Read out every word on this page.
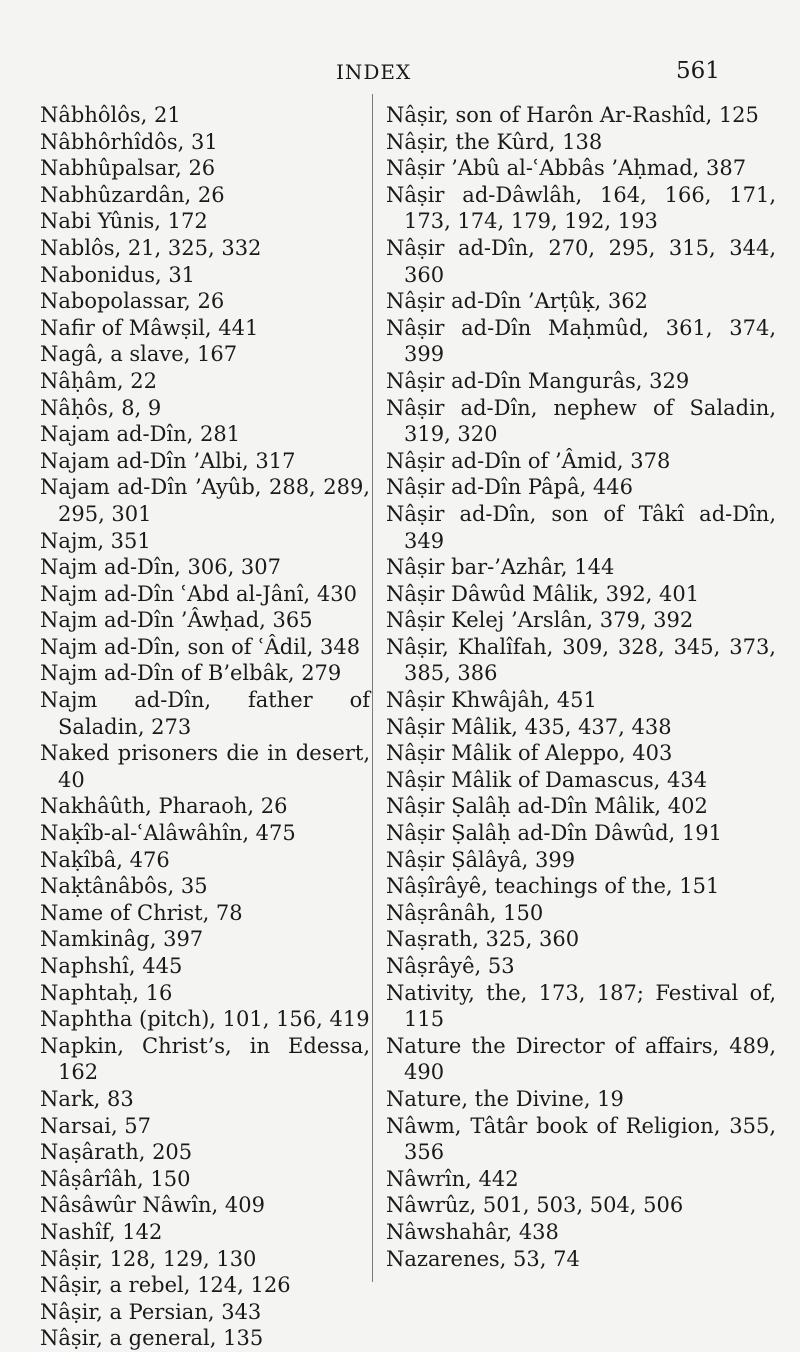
INDEX	561
Nâbhôlôs, 21
Nâbhôrhîdôs, 31
Nabhûpalsar, 26
Nabhûzardân, 26
Nabi Yûnis, 172
Nablôs, 21, 325, 332
Nabonidus, 31
Nabopolassar, 26
Nafir of Mâwṣil, 441
Nagâ, a slave, 167
Nâḥâm, 22
Nâḥôs, 8, 9
Najam ad-Dîn, 281
Najam ad-Dîn ’Albi, 317
Najam ad-Dîn ’Ayûb, 288, 289, 295, 301
Najm, 351
Najm ad-Dîn, 306, 307
Najm ad-Dîn ʿAbd al-Jânî, 430
Najm ad-Dîn ’Âwḥad, 365
Najm ad-Dîn, son of ʿÂdil, 348
Najm ad-Dîn of B’elbâk, 279
Najm ad-Dîn, father of Saladin, 273
Naked prisoners die in desert, 40
Nakhâûth, Pharaoh, 26
Naḳîb-al-ʿAlâwâhîn, 475
Naḳîbâ, 476
Naḳtânâbôs, 35
Name of Christ, 78
Namkinâg, 397
Naphshî, 445
Naphtaḥ, 16
Naphtha (pitch), 101, 156, 419
Napkin, Christ’s, in Edessa, 162
Nark, 83
Narsai, 57
Naṣârath, 205
Nâṣârîâh, 150
Nâsâwûr Nâwîn, 409
Nashîf, 142
Nâṣir, 128, 129, 130
Nâṣir, a rebel, 124, 126
Nâṣir, a Persian, 343
Nâṣir, a general, 135
Nâṣir, son of Harôn Ar-Rashîd, 125
Nâṣir, the Kûrd, 138
Nâṣir ’Abû al-ʿAbbâs ’Aḥmad, 387
Nâṣir ad-Dâwlâh, 164, 166, 171, 173, 174, 179, 192, 193
Nâṣir ad-Dîn, 270, 295, 315, 344, 360
Nâṣir ad-Dîn ’Arṭûḳ, 362
Nâṣir ad-Dîn Maḥmûd, 361, 374, 399
Nâṣir ad-Dîn Mangurâs, 329
Nâṣir ad-Dîn, nephew of Saladin, 319, 320
Nâṣir ad-Dîn of ’Âmid, 378
Nâṣir ad-Dîn Pâpâ, 446
Nâṣir ad-Dîn, son of Tâkî ad-Dîn, 349
Nâṣir bar-’Azhâr, 144
Nâṣir Dâwûd Mâlik, 392, 401
Nâṣir Kelej ’Arslân, 379, 392
Nâṣir, Khalîfah, 309, 328, 345, 373, 385, 386
Nâṣir Khwâjâh, 451
Nâṣir Mâlik, 435, 437, 438
Nâṣir Mâlik of Aleppo, 403
Nâṣir Mâlik of Damascus, 434
Nâṣir Ṣalâḥ ad-Dîn Mâlik, 402
Nâṣir Ṣalâḥ ad-Dîn Dâwûd, 191
Nâṣir Ṣâlâyâ, 399
Nâṣîrâyê, teachings of the, 151
Nâṣrânâh, 150
Naṣrath, 325, 360
Nâṣrâyê, 53
Nativity, the, 173, 187; Festival of, 115
Nature the Director of affairs, 489, 490
Nature, the Divine, 19
Nâwm, Tâtâr book of Religion, 355, 356
Nâwrîn, 442
Nâwrûz, 501, 503, 504, 506
Nâwshahâr, 438
Nazarenes, 53, 74
